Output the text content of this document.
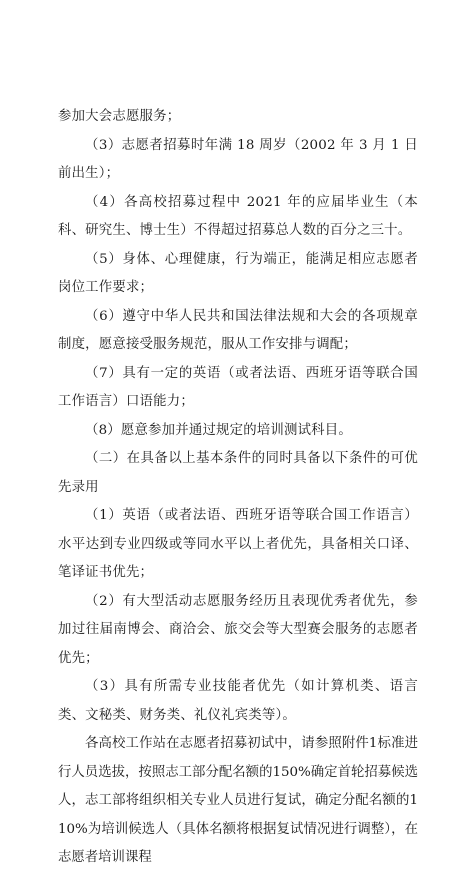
参加大会志愿服务；

（3）志愿者招募时年满 18 周岁（2002 年 3 月 1 日前出生）；

（4）各高校招募过程中 2021 年的应届毕业生（本科、研究生、博士生）不得超过招募总人数的百分之三十。

（5）身体、心理健康，行为端正，能满足相应志愿者岗位工作要求；

（6）遵守中华人民共和国法律法规和大会的各项规章制度，愿意接受服务规范，服从工作安排与调配；

（7）具有一定的英语（或者法语、西班牙语等联合国工作语言）口语能力；

（8）愿意参加并通过规定的培训测试科目。

（二）在具备以上基本条件的同时具备以下条件的可优先录用

（1）英语（或者法语、西班牙语等联合国工作语言）水平达到专业四级或等同水平以上者优先，具备相关口译、笔译证书优先；

（2）有大型活动志愿服务经历且表现优秀者优先，参加过往届南博会、商洽会、旅交会等大型赛会服务的志愿者优先；

（3）具有所需专业技能者优先（如计算机类、语言类、文秘类、财务类、礼仪礼宾类等）。

各高校工作站在志愿者招募初试中，请参照附件1标准进行人员选拔，按照志工部分配名额的150%确定首轮招募候选人，志工部将组织相关专业人员进行复试，确定分配名额的110%为培训候选人（具体名额将根据复试情况进行调整），在志愿者培训课程
